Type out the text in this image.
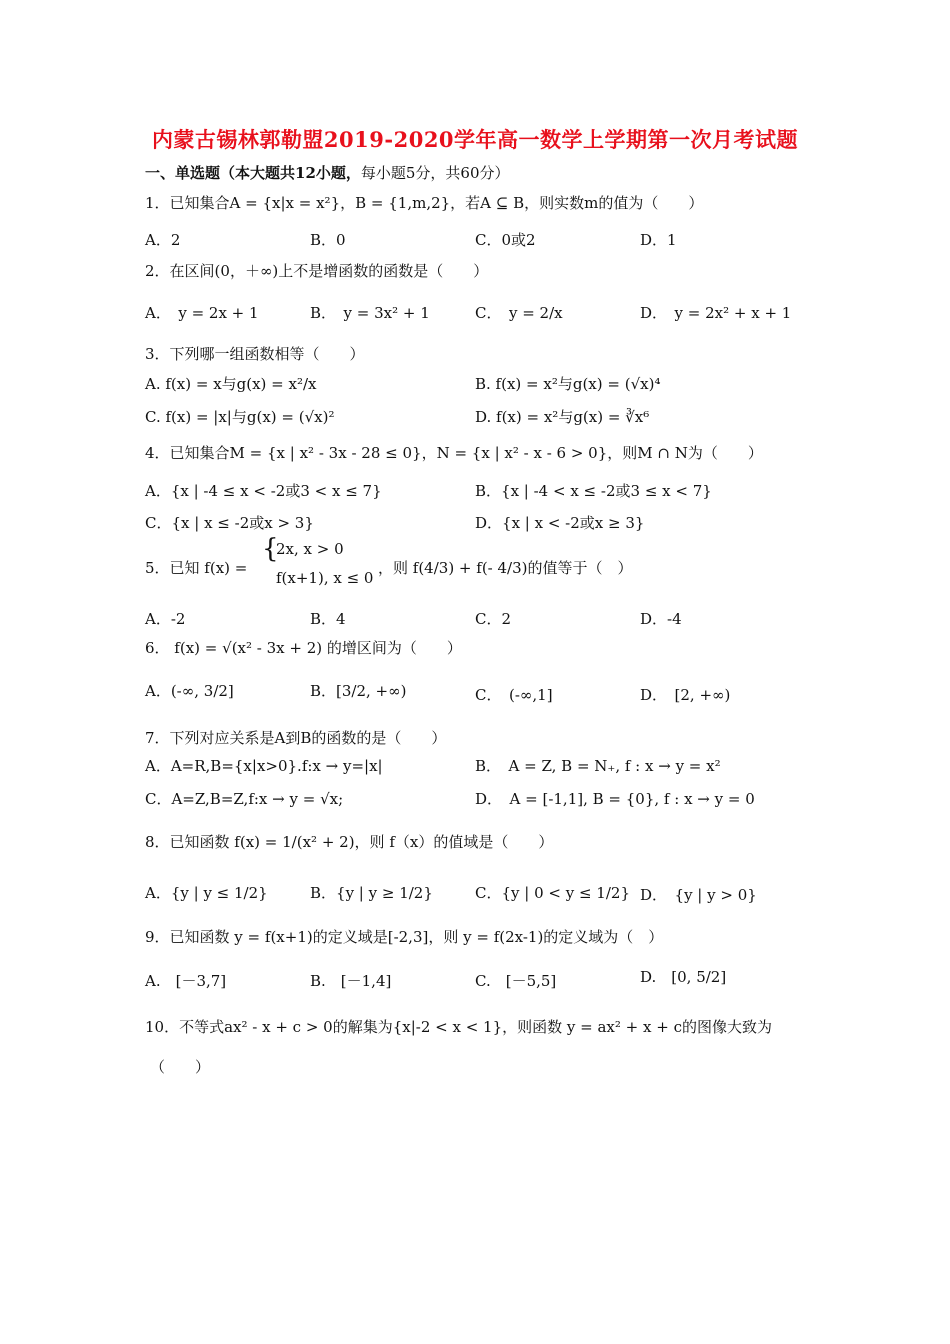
内蒙古锡林郭勒盟2019-2020学年高一数学上学期第一次月考试题
一、单选题（本大题共12小题，每小题5分，共60分）
1．已知集合A = {x|x = x²}，B = {1,m,2}，若A ⊆ B，则实数m的值为（　　）
A．2	B．0	C．0或2	D．1
2．在区间(0，＋∞)上不是增函数的函数是（　　）
A．　y = 2x + 1	B．　y = 3x² + 1	C．　y = 2/x	D．　y = 2x² + x + 1
3．下列哪一组函数相等（　　）
A. f(x) = x与g(x) = x²/x	B. f(x) = x²与g(x) = (√x)⁴
C. f(x) = |x|与g(x) = (√x)²	D. f(x) = x²与g(x) = ∛x⁶
4．已知集合M = {x | x² - 3x - 28 ≤ 0}，N = {x | x² - x - 6 > 0}，则M ∩ N为（　　）
A．{x | -4 ≤ x < -2或3 < x ≤ 7}	B．{x | -4 < x ≤ -2或3 ≤ x < 7}
C．{x | x ≤ -2或x > 3}	D．{x | x < -2或x ≥ 3}
5．已知 f(x) =
{
2x, x > 0
f(x+1), x ≤ 0
，则 f(4/3) + f(- 4/3)的值等于（　）
A．-2	B．4	C．2	D．-4
6． f(x) = √(x² - 3x + 2) 的增区间为（　　）
A．(-∞, 3/2]	B．[3/2, +∞)	C．　(-∞,1]	D．　[2, +∞)
7．下列对应关系是A到B的函数的是（　　）
A．A=R,B={x|x>0}.f:x → y=|x|	B．　A = Z, B = N₊, f : x → y = x²
C．A=Z,B=Z,f:x → y = √x;	D．　A = [-1,1], B = {0}, f : x → y = 0
8．已知函数 f(x) = 1/(x² + 2)，则 f（x）的值域是（　　）
A．{y | y ≤ 1/2}	B．{y | y ≥ 1/2}	C．{y | 0 < y ≤ 1/2} D．　{y | y > 0}
9．已知函数 y = f(x+1)的定义域是[-2,3]，则 y = f(2x-1)的定义域为（　）
A.　[－3,7]	B.　[－1,4]	C.　[－5,5]	D.　[0, 5/2]
10．不等式ax² - x + c > 0的解集为{x|-2 < x < 1}，则函数 y = ax² + x + c的图像大致为
（　　）
